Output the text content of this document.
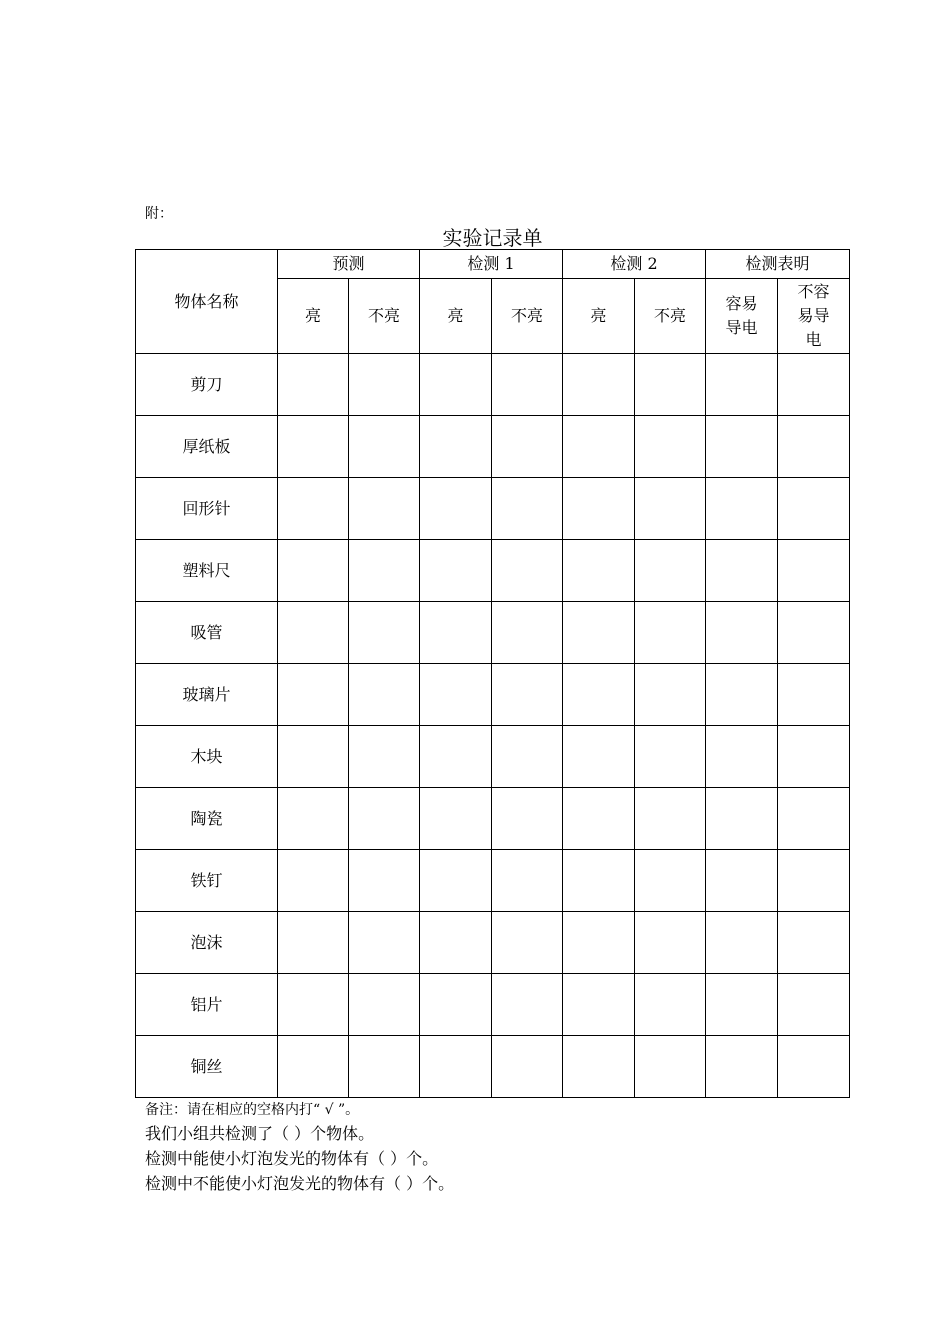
附：
实验记录单
物体名称	预测		检测 1		检测 2		检测表明	
	亮	不亮	亮	不亮	亮	不亮	容易导电	不容易导电
剪刀								
厚纸板								
回形针								
塑料尺								
吸管								
玻璃片								
木块								
陶瓷								
铁钉								
泡沫								
铝片								
铜丝								
备注：请在相应的空格内打“ √ ”。
我们小组共检测了（ ）个物体。
检测中能使小灯泡发光的物体有（ ）个。
检测中不能使小灯泡发光的物体有（ ）个。
